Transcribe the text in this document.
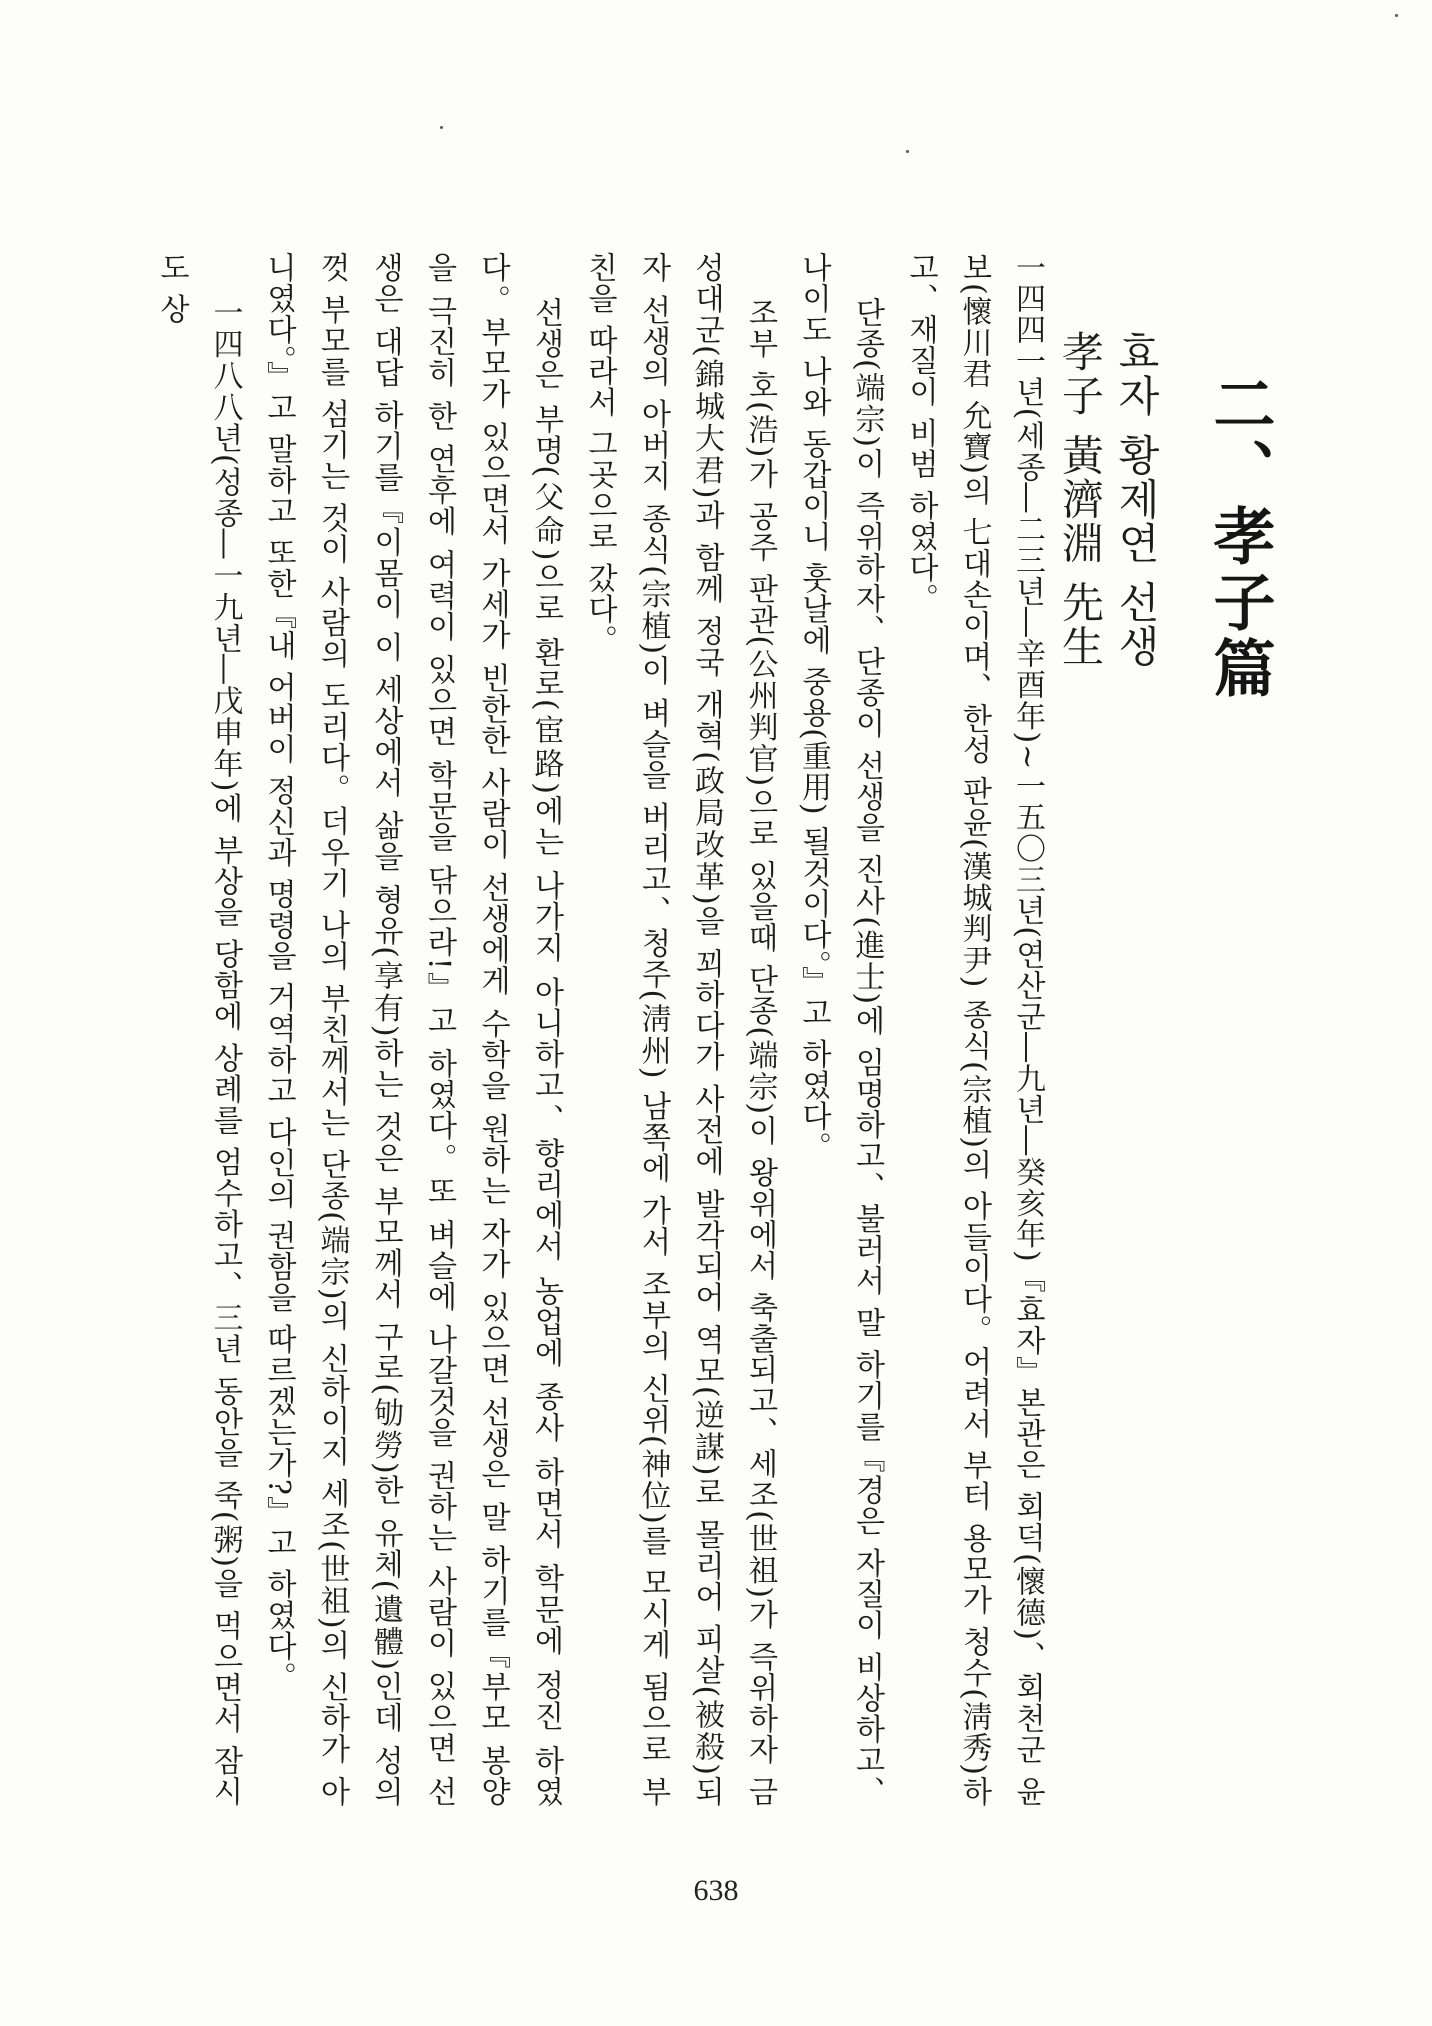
二、孝子篇
효자 황제연 선생
孝子 黃濟淵 先生

一四四一년(세종―二三년―辛酉年)~一五〇三년(연산군―九년―癸亥年)『효자』본관은 회덕(懷德)、회천군 윤보(懷川君 允寶)의 七대손이며、한성 판윤(漢城判尹) 종식(宗植)의 아들이다。어려서 부터 용모가 청수(淸秀)하고、재질이 비범 하였다。

단종(端宗)이 즉위하자、단종이 선생을 진사(進士)에 임명하고、불러서 말 하기를『경은 자질이 비상하고、나이도 나와 동갑이니 훗날에 중용(重用) 될것이다。』고 하였다。

조부 호(浩)가 공주 판관(公州判官)으로 있을때 단종(端宗)이 왕위에서 축출되고、세조(世祖)가 즉위하자 금성대군(錦城大君)과 함께 정국 개혁(政局改革)을 꾀하다가 사전에 발각되어 역모(逆謀)로 몰리어 피살(被殺)되자 선생의 아버지 종식(宗植)이 벼슬을 버리고、청주(淸州) 남쪽에 가서 조부의 신위(神位)를 모시게 됨으로 부친을 따라서 그곳으로 갔다。

선생은 부명(父命)으로 환로(宦路)에는 나가지 아니하고、향리에서 농업에 종사 하면서 학문에 정진 하였다。부모가 있으면서 가세가 빈한한 사람이 선생에게 수학을 원하는 자가 있으면 선생은 말 하기를『부모 봉양을 극진히 한 연후에 여력이 있으면 학문을 닦으라!』고 하였다。또 벼슬에 나갈것을 권하는 사람이 있으면 선생은 대답 하기를『이몸이 이 세상에서 삶을 형유(享有)하는 것은 부모께서 구로(劬勞)한 유체(遺體)인데 성의껏 부모를 섬기는 것이 사람의 도리다。더우기 나의 부친께서는 단종(端宗)의 신하이지 세조(世祖)의 신하가 아니였다。』고 말하고 또한『내 어버이 정신과 명령을 거역하고 다인의 권함을 따르겠는가?』고 하였다。

一四八八년(성종―一九년―戊申年)에 부상을 당함에 상례를 엄수하고、三년 동안을 죽(粥)을 먹으면서 잠시도 상

638
